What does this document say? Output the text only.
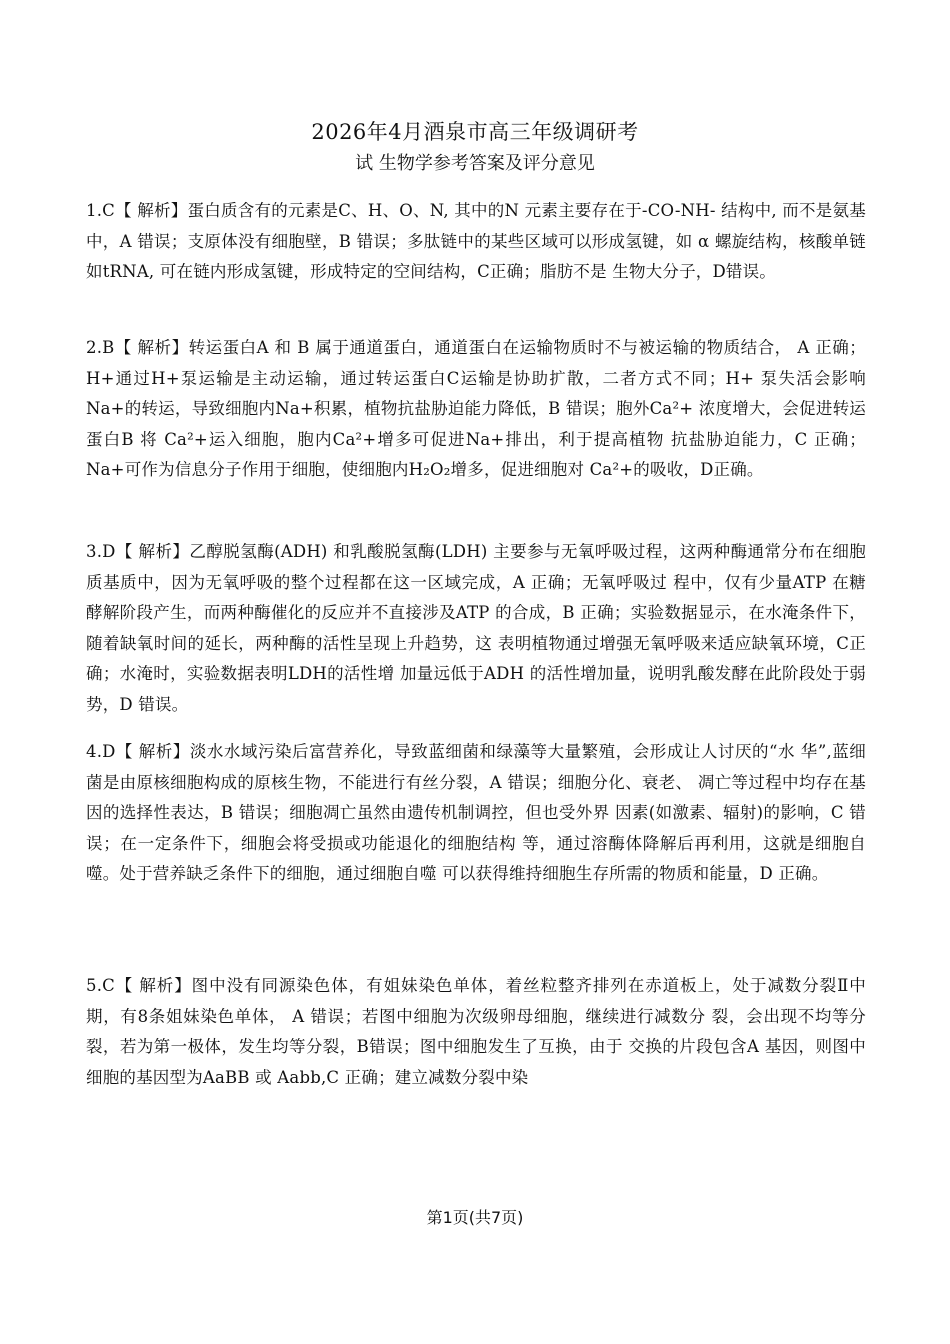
2026年4月酒泉市高三年级调研考
试 生物学参考答案及评分意见
1.C【 解析】蛋白质含有的元素是C、H、O、N, 其中的N 元素主要存在于-CO-NH- 结构中, 而不是氨基中，A 错误；支原体没有细胞壁，B 错误；多肽链中的某些区域可以形成氢键，如 α 螺旋结构，核酸单链如tRNA, 可在链内形成氢键，形成特定的空间结构，C正确；脂肪不是 生物大分子，D错误。
2.B【 解析】转运蛋白A 和 B 属于通道蛋白，通道蛋白在运输物质时不与被运输的物质结合， A 正确；H+通过H+泵运输是主动运输，通过转运蛋白C运输是协助扩散，二者方式不同；H+ 泵失活会影响Na+的转运，导致细胞内Na+积累，植物抗盐胁迫能力降低，B 错误；胞外Ca²+ 浓度增大，会促进转运蛋白B 将 Ca²+运入细胞，胞内Ca²+增多可促进Na+排出，利于提高植物 抗盐胁迫能力，C 正确；Na+可作为信息分子作用于细胞，使细胞内H₂O₂增多，促进细胞对 Ca²+的吸收，D正确。
3.D【 解析】乙醇脱氢酶(ADH) 和乳酸脱氢酶(LDH) 主要参与无氧呼吸过程，这两种酶通常分布在细胞质基质中，因为无氧呼吸的整个过程都在这一区域完成，A 正确；无氧呼吸过 程中，仅有少量ATP 在糖酵解阶段产生，而两种酶催化的反应并不直接涉及ATP 的合成，B 正确；实验数据显示，在水淹条件下，随着缺氧时间的延长，两种酶的活性呈现上升趋势，这 表明植物通过增强无氧呼吸来适应缺氧环境，C正确；水淹时，实验数据表明LDH的活性增 加量远低于ADH 的活性增加量，说明乳酸发酵在此阶段处于弱势，D 错误。
4.D【 解析】淡水水域污染后富营养化，导致蓝细菌和绿藻等大量繁殖，会形成让人讨厌的“水 华”,蓝细菌是由原核细胞构成的原核生物，不能进行有丝分裂，A 错误；细胞分化、衰老、 凋亡等过程中均存在基因的选择性表达，B 错误；细胞凋亡虽然由遗传机制调控，但也受外界 因素(如激素、辐射)的影响，C 错误；在一定条件下，细胞会将受损或功能退化的细胞结构 等，通过溶酶体降解后再利用，这就是细胞自噬。处于营养缺乏条件下的细胞，通过细胞自噬 可以获得维持细胞生存所需的物质和能量，D 正确。
5.C【 解析】图中没有同源染色体，有姐妹染色单体，着丝粒整齐排列在赤道板上，处于减数分裂Ⅱ中期，有8条姐妹染色单体， A 错误；若图中细胞为次级卵母细胞，继续进行减数分 裂，会出现不均等分裂，若为第一极体，发生均等分裂，B错误；图中细胞发生了互换，由于 交换的片段包含A 基因，则图中细胞的基因型为AaBB 或 Aabb,C 正确；建立减数分裂中染
第1页(共7页)
